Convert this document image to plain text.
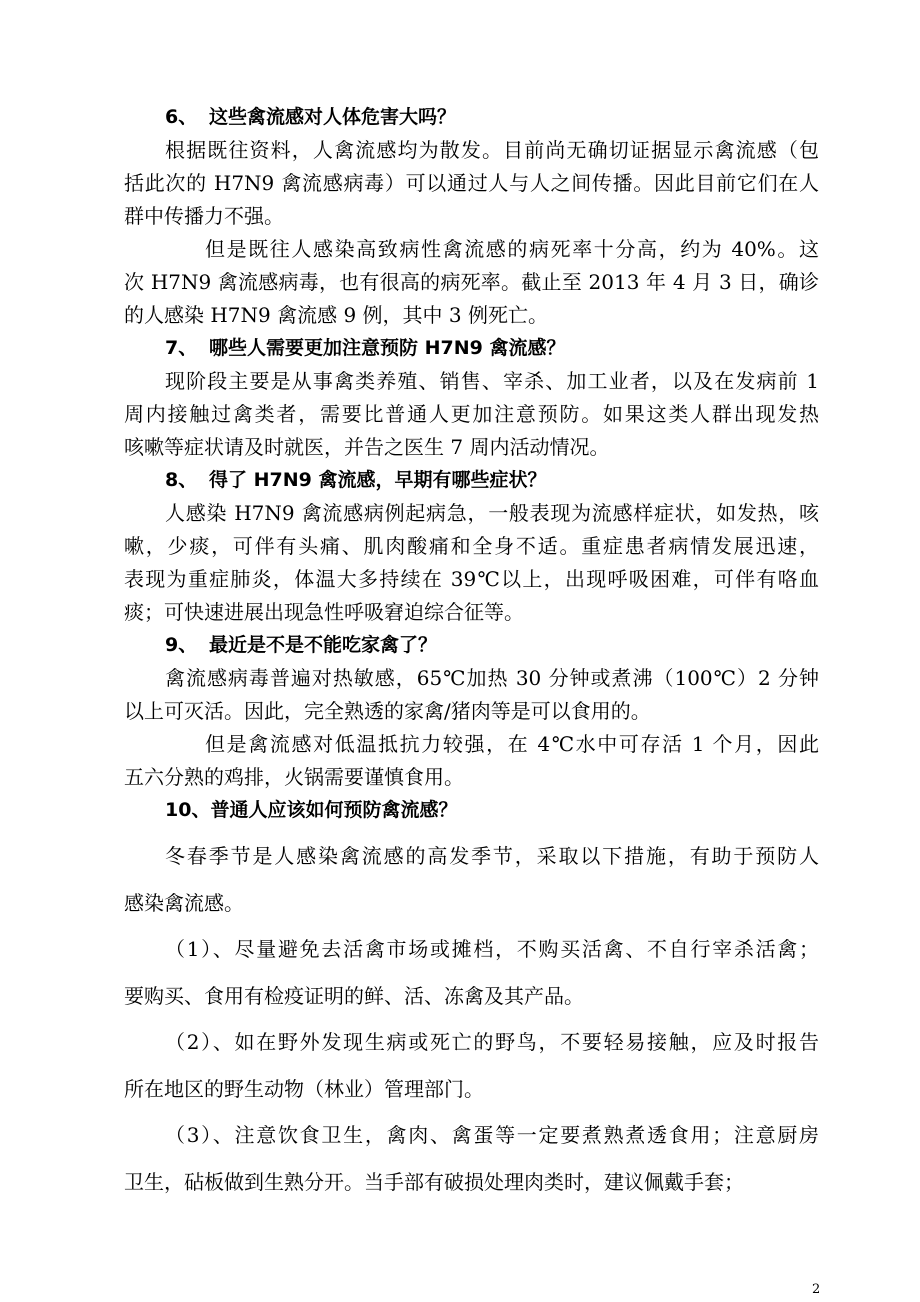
6、 这些禽流感对人体危害大吗？
根据既往资料，人禽流感均为散发。目前尚无确切证据显示禽流感（包
括此次的 H7N9 禽流感病毒）可以通过人与人之间传播。因此目前它们在人
群中传播力不强。
但是既往人感染高致病性禽流感的病死率十分高，约为 40%。这
次 H7N9 禽流感病毒，也有很高的病死率。截止至 2013 年 4 月 3 日，确诊
的人感染 H7N9 禽流感 9 例，其中 3 例死亡。
7、 哪些人需要更加注意预防 H7N9 禽流感？
现阶段主要是从事禽类养殖、销售、宰杀、加工业者，以及在发病前 1
周内接触过禽类者，需要比普通人更加注意预防。如果这类人群出现发热
咳嗽等症状请及时就医，并告之医生 7 周内活动情况。
8、 得了 H7N9 禽流感，早期有哪些症状？
人感染 H7N9 禽流感病例起病急，一般表现为流感样症状，如发热，咳
嗽，少痰，可伴有头痛、肌肉酸痛和全身不适。重症患者病情发展迅速，
表现为重症肺炎，体温大多持续在 39℃以上，出现呼吸困难，可伴有咯血
痰；可快速进展出现急性呼吸窘迫综合征等。
9、 最近是不是不能吃家禽了？
禽流感病毒普遍对热敏感，65℃加热 30 分钟或煮沸（100℃）2 分钟
以上可灭活。因此，完全熟透的家禽/猪肉等是可以食用的。
但是禽流感对低温抵抗力较强，在 4℃水中可存活 1 个月，因此
五六分熟的鸡排，火锅需要谨慎食用。
10、普通人应该如何预防禽流感？
冬春季节是人感染禽流感的高发季节，采取以下措施，有助于预防人
感染禽流感。
（1）、尽量避免去活禽市场或摊档，不购买活禽、不自行宰杀活禽；
要购买、食用有检疫证明的鲜、活、冻禽及其产品。
（2）、如在野外发现生病或死亡的野鸟，不要轻易接触，应及时报告
所在地区的野生动物（林业）管理部门。
（3）、注意饮食卫生，禽肉、禽蛋等一定要煮熟煮透食用；注意厨房
卫生，砧板做到生熟分开。当手部有破损处理肉类时，建议佩戴手套；
2
